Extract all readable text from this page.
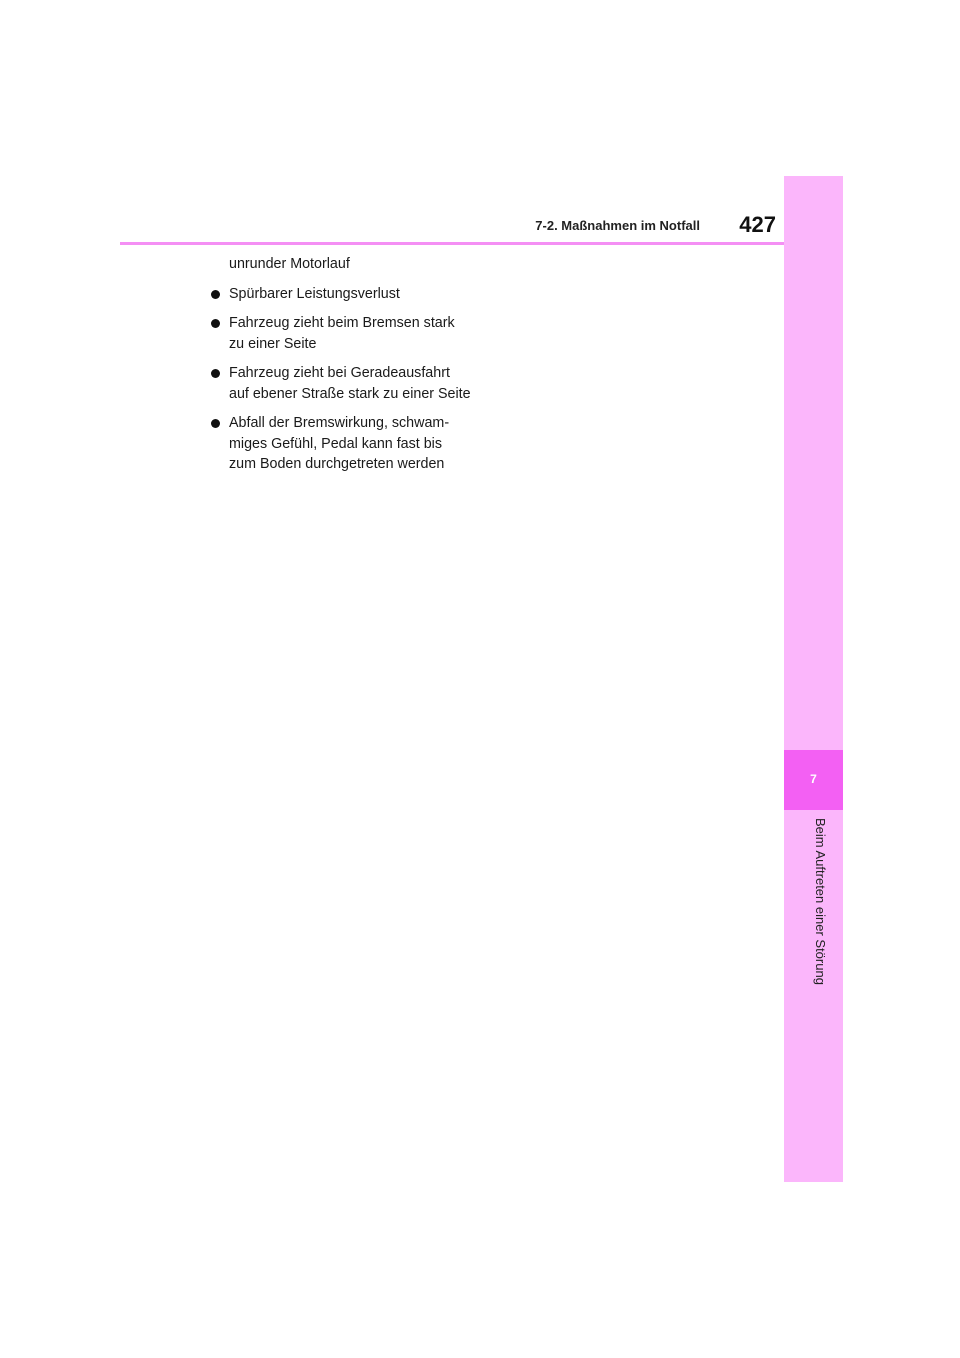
7-2. Maßnahmen im Notfall	427
7
Beim Auftreten einer Störung
unrunder Motorlauf
Spürbarer Leistungsverlust
Fahrzeug zieht beim Bremsen stark zu einer Seite
Fahrzeug zieht bei Geradeausfahrt auf ebener Straße stark zu einer Seite
Abfall der Bremswirkung, schwam-miges Gefühl, Pedal kann fast bis zum Boden durchgetreten werden
